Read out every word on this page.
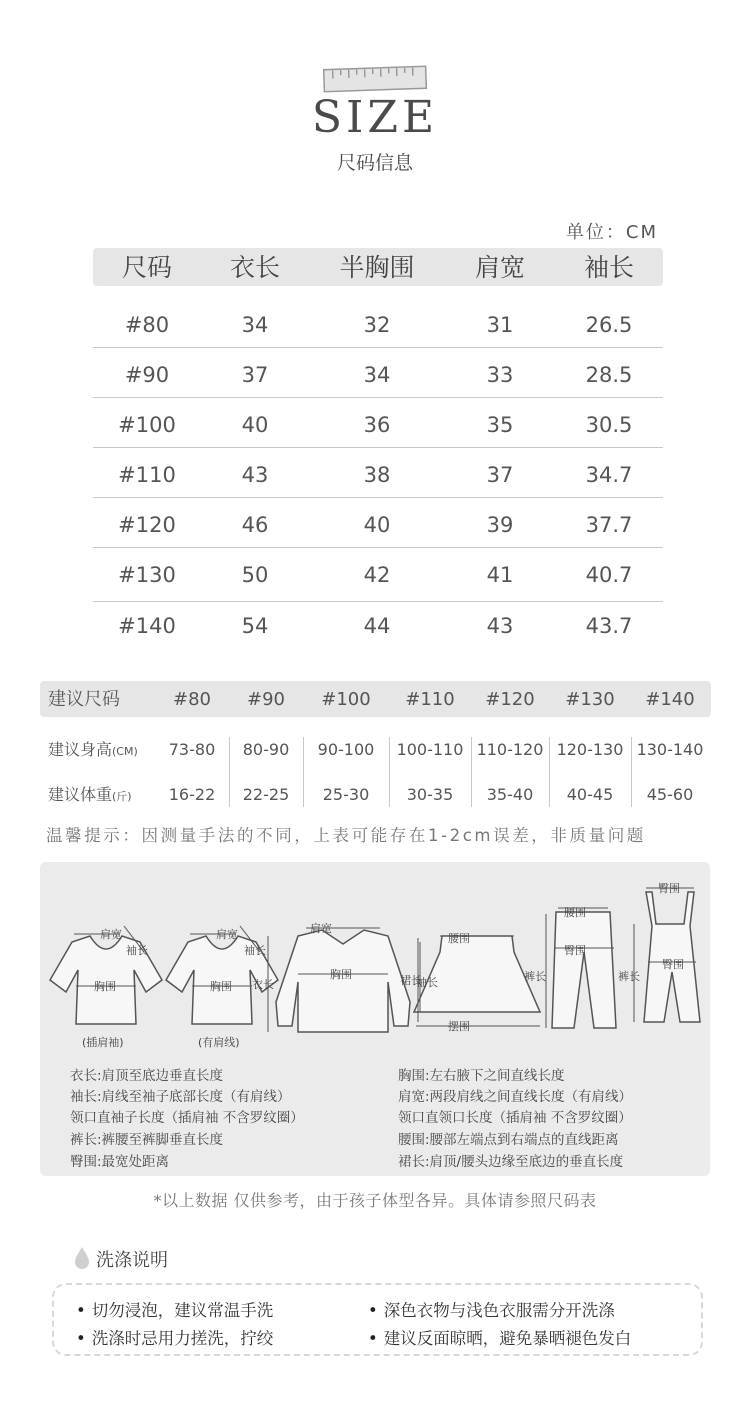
SIZE
尺码信息
单位：CM
尺码	衣长	半胸围	肩宽	袖长
#80	34	32	31	26.5
#90	37	34	33	28.5
#100	40	36	35	30.5
#110	43	38	37	34.7
#120	46	40	39	37.7
#130	50	42	41	40.7
#140	54	44	43	43.7
建议尺码	#80	#90	#100	#110	#120	#130	#140
建议身高(CM)	73-80	80-90	90-100	100-110 110-120 120-130 130-140
建议体重(斤)	16-22	22-25	25-30	30-35	35-40	40-45	45-60
温馨提示：因测量手法的不同，上表可能存在1-2cm误差，非质量问题
肩宽	肩宽
胸围	胸围
袖长	袖长
肩宽
胸围
衣长	袖长
腰围
摆围
裙长
腰围
臀围
裤长
臀围
裤长
臀围
(插肩袖)	(有肩线)
衣长:肩顶至底边垂直长度
袖长:肩线至袖子底部长度（有肩线）
领口直袖子长度（插肩袖 不含罗纹圈）
裤长:裤腰至裤脚垂直长度
臀围:最宽处距离
胸围:左右腋下之间直线长度
肩宽:两段肩线之间直线长度（有肩线）
领口直领口长度（插肩袖 不含罗纹圈）
腰围:腰部左端点到右端点的直线距离
裙长:肩顶/腰头边缘至底边的垂直长度
*以上数据 仅供参考，由于孩子体型各异。具体请参照尺码表
洗涤说明
• 切勿浸泡，建议常温手洗	• 深色衣物与浅色衣服需分开洗涤
• 洗涤时忌用力搓洗，拧绞	• 建议反面晾晒，避免暴晒褪色发白
